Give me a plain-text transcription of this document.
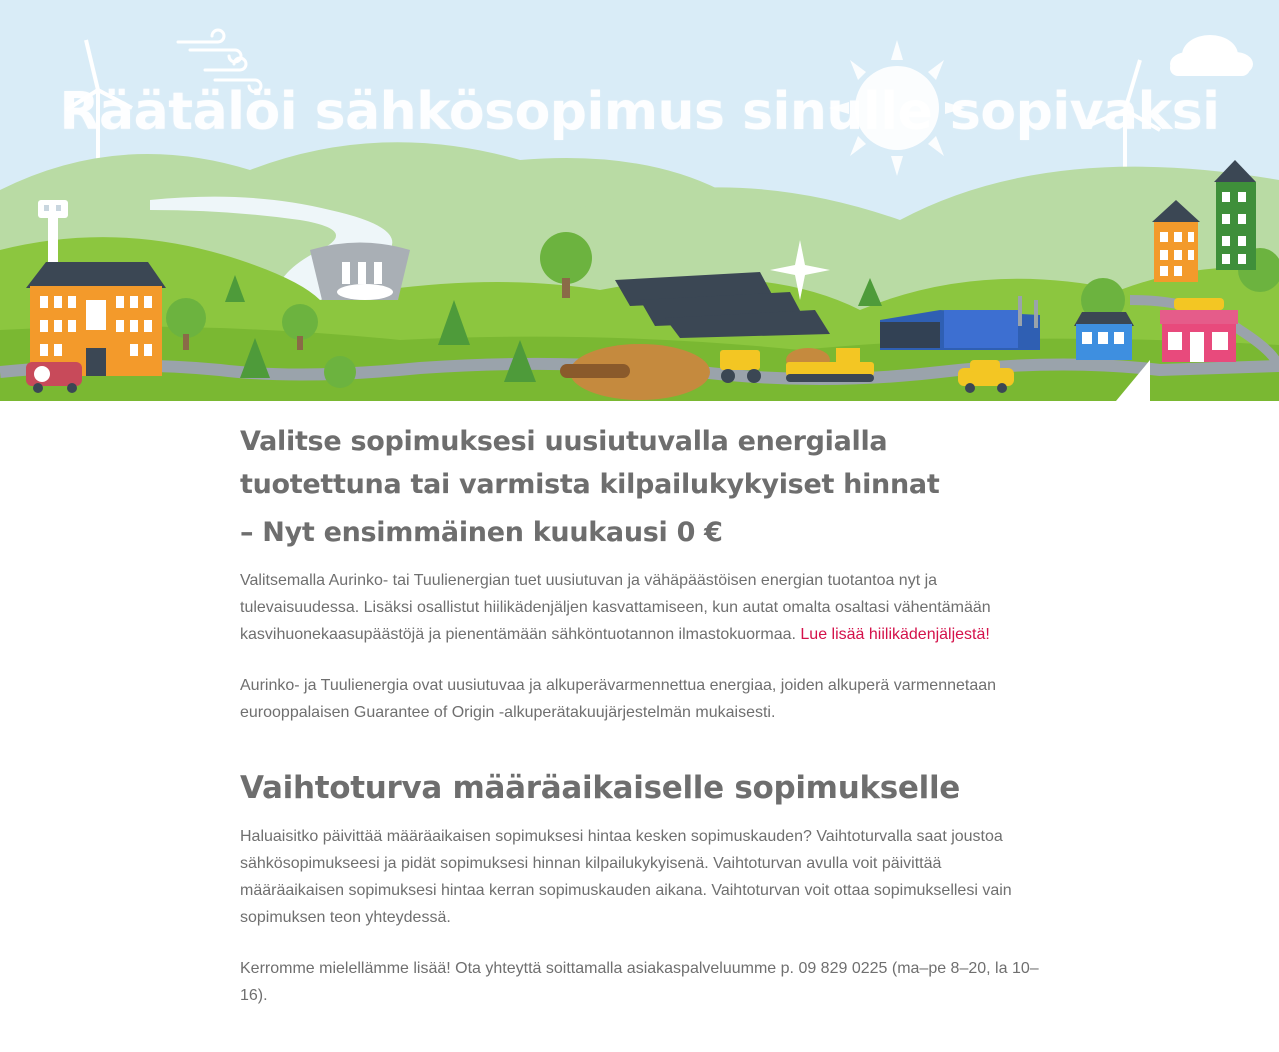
Räätälöi sähkösopimus sinulle sopivaksi
Valitse sopimuksesi uusiutuvalla energialla tuotettuna tai varmista kilpailukykyiset hinnat
– Nyt ensimmäinen kuukausi 0 €

Valitsemalla Aurinko- tai Tuulienergian tuet uusiutuvan ja vähäpäästöisen energian tuotantoa nyt ja tulevaisuudessa. Lisäksi osallistut hiilikädenjäljen kasvattamiseen, kun autat omalta osaltasi vähentämään kasvihuonekaasupäästöjä ja pienentämään sähköntuotannon ilmastokuormaa. Lue lisää hiilikädenjäljestä!

Aurinko- ja Tuulienergia ovat uusiutuvaa ja alkuperävarmennettua energiaa, joiden alkuperä varmennetaan eurooppalaisen Guarantee of Origin -alkuperätakuujärjestelmän mukaisesti.

Vaihtoturva määräaikaiselle sopimukselle

Haluaisitko päivittää määräaikaisen sopimuksesi hintaa kesken sopimuskauden? Vaihtoturvalla saat joustoa sähkösopimukseesi ja pidät sopimuksesi hinnan kilpailukykyisenä. Vaihtoturvan avulla voit päivittää määräaikaisen sopimuksesi hintaa kerran sopimuskauden aikana. Vaihtoturvan voit ottaa sopimuksellesi vain sopimuksen teon yhteydessä.

Kerromme mielellämme lisää! Ota yhteyttä soittamalla asiakaspalveluumme p. 09 829 0225 (ma–pe 8–20, la 10–16).
